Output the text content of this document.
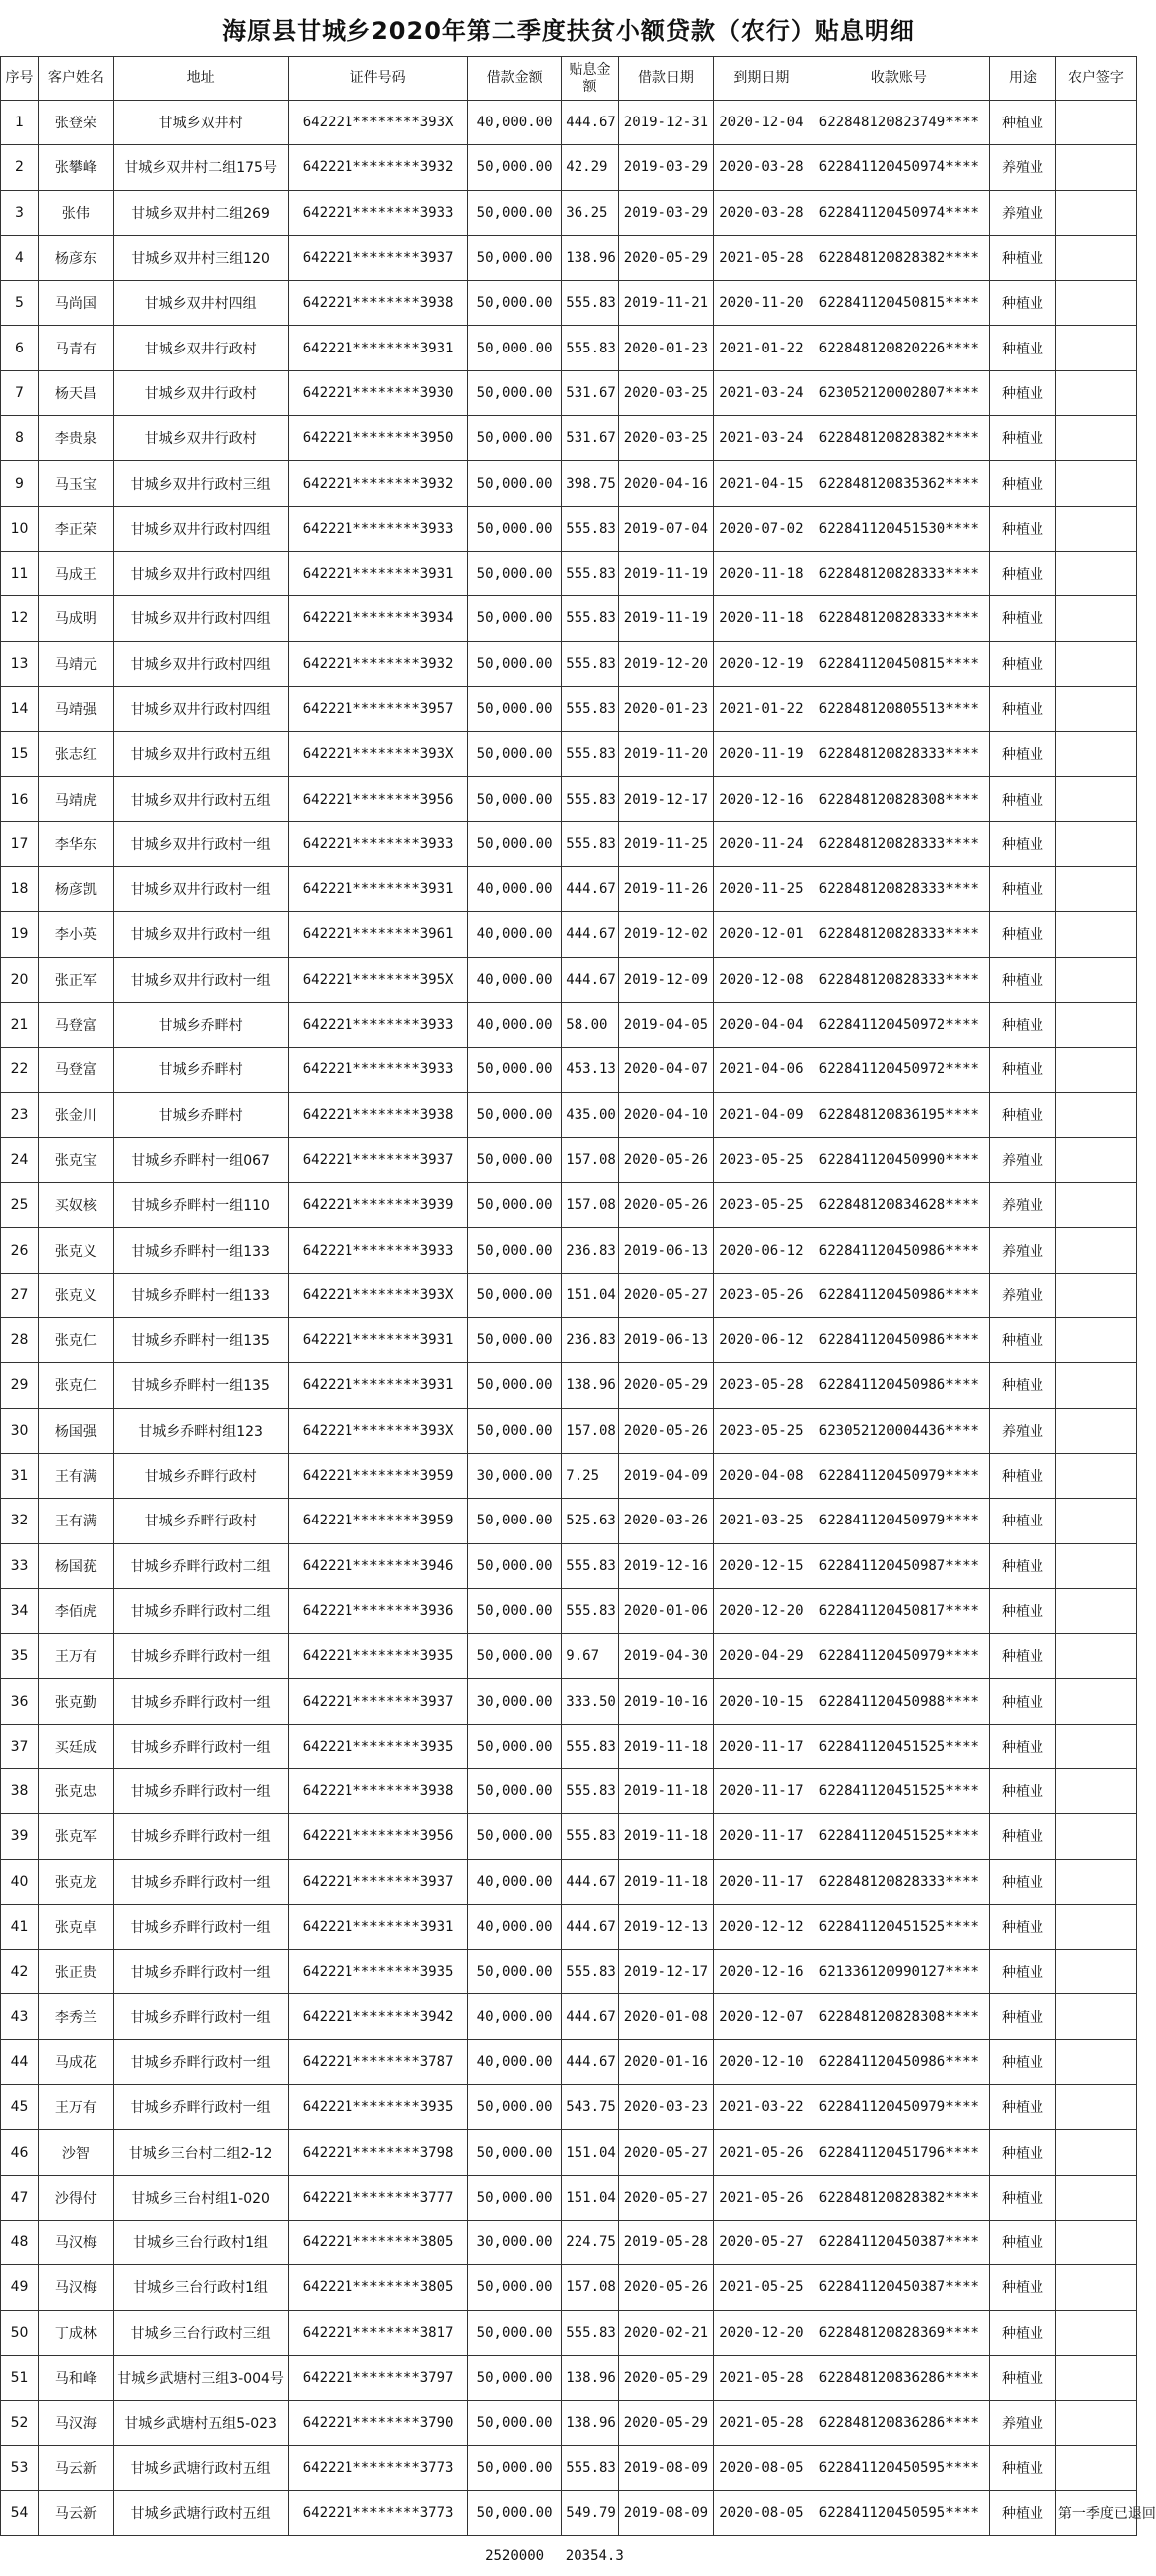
海原县甘城乡2020年第二季度扶贫小额贷款（农行）贴息明细
序号	客户姓名	地址	证件号码	借款金额	贴息金额	借款日期	到期日期	收款账号	用途	农户签字
1	张登荣	甘城乡双井村	642221********393X	40,000.00	444.67	2019-12-31	2020-12-04	622848120823749****	种植业	
2	张攀峰	甘城乡双井村二组175号	642221********3932	50,000.00	42.29	2019-03-29	2020-03-28	622841120450974****	养殖业	
3	张伟	甘城乡双井村二组269	642221********3933	50,000.00	36.25	2019-03-29	2020-03-28	622841120450974****	养殖业	
4	杨彦东	甘城乡双井村三组120	642221********3937	50,000.00	138.96	2020-05-29	2021-05-28	622848120828382****	种植业	
5	马尚国	甘城乡双井村四组	642221********3938	50,000.00	555.83	2019-11-21	2020-11-20	622841120450815****	种植业	
6	马青有	甘城乡双井行政村	642221********3931	50,000.00	555.83	2020-01-23	2021-01-22	622848120820226****	种植业	
7	杨天昌	甘城乡双井行政村	642221********3930	50,000.00	531.67	2020-03-25	2021-03-24	623052120002807****	种植业	
8	李贵泉	甘城乡双井行政村	642221********3950	50,000.00	531.67	2020-03-25	2021-03-24	622848120828382****	种植业	
9	马玉宝	甘城乡双井行政村三组	642221********3932	50,000.00	398.75	2020-04-16	2021-04-15	622848120835362****	种植业	
10	李正荣	甘城乡双井行政村四组	642221********3933	50,000.00	555.83	2019-07-04	2020-07-02	622841120451530****	种植业	
11	马成王	甘城乡双井行政村四组	642221********3931	50,000.00	555.83	2019-11-19	2020-11-18	622848120828333****	种植业	
12	马成明	甘城乡双井行政村四组	642221********3934	50,000.00	555.83	2019-11-19	2020-11-18	622848120828333****	种植业	
13	马靖元	甘城乡双井行政村四组	642221********3932	50,000.00	555.83	2019-12-20	2020-12-19	622841120450815****	种植业	
14	马靖强	甘城乡双井行政村四组	642221********3957	50,000.00	555.83	2020-01-23	2021-01-22	622848120805513****	种植业	
15	张志红	甘城乡双井行政村五组	642221********393X	50,000.00	555.83	2019-11-20	2020-11-19	622848120828333****	种植业	
16	马靖虎	甘城乡双井行政村五组	642221********3956	50,000.00	555.83	2019-12-17	2020-12-16	622848120828308****	种植业	
17	李华东	甘城乡双井行政村一组	642221********3933	50,000.00	555.83	2019-11-25	2020-11-24	622848120828333****	种植业	
18	杨彦凯	甘城乡双井行政村一组	642221********3931	40,000.00	444.67	2019-11-26	2020-11-25	622848120828333****	种植业	
19	李小英	甘城乡双井行政村一组	642221********3961	40,000.00	444.67	2019-12-02	2020-12-01	622848120828333****	种植业	
20	张正军	甘城乡双井行政村一组	642221********395X	40,000.00	444.67	2019-12-09	2020-12-08	622848120828333****	种植业	
21	马登富	甘城乡乔畔村	642221********3933	40,000.00	58.00	2019-04-05	2020-04-04	622841120450972****	种植业	
22	马登富	甘城乡乔畔村	642221********3933	50,000.00	453.13	2020-04-07	2021-04-06	622841120450972****	种植业	
23	张金川	甘城乡乔畔村	642221********3938	50,000.00	435.00	2020-04-10	2021-04-09	622848120836195****	种植业	
24	张克宝	甘城乡乔畔村一组067	642221********3937	50,000.00	157.08	2020-05-26	2023-05-25	622841120450990****	养殖业	
25	买奴核	甘城乡乔畔村一组110	642221********3939	50,000.00	157.08	2020-05-26	2023-05-25	622848120834628****	养殖业	
26	张克义	甘城乡乔畔村一组133	642221********3933	50,000.00	236.83	2019-06-13	2020-06-12	622841120450986****	养殖业	
27	张克义	甘城乡乔畔村一组133	642221********393X	50,000.00	151.04	2020-05-27	2023-05-26	622841120450986****	养殖业	
28	张克仁	甘城乡乔畔村一组135	642221********3931	50,000.00	236.83	2019-06-13	2020-06-12	622841120450986****	种植业	
29	张克仁	甘城乡乔畔村一组135	642221********3931	50,000.00	138.96	2020-05-29	2023-05-28	622841120450986****	种植业	
30	杨国强	甘城乡乔畔村组123	642221********393X	50,000.00	157.08	2020-05-26	2023-05-25	623052120004436****	养殖业	
31	王有满	甘城乡乔畔行政村	642221********3959	30,000.00	7.25	2019-04-09	2020-04-08	622841120450979****	种植业	
32	王有满	甘城乡乔畔行政村	642221********3959	50,000.00	525.63	2020-03-26	2021-03-25	622841120450979****	种植业	
33	杨国莸	甘城乡乔畔行政村二组	642221********3946	50,000.00	555.83	2019-12-16	2020-12-15	622841120450987****	种植业	
34	李佰虎	甘城乡乔畔行政村二组	642221********3936	50,000.00	555.83	2020-01-06	2020-12-20	622841120450817****	种植业	
35	王万有	甘城乡乔畔行政村一组	642221********3935	50,000.00	9.67	2019-04-30	2020-04-29	622841120450979****	种植业	
36	张克勤	甘城乡乔畔行政村一组	642221********3937	30,000.00	333.50	2019-10-16	2020-10-15	622841120450988****	种植业	
37	买廷成	甘城乡乔畔行政村一组	642221********3935	50,000.00	555.83	2019-11-18	2020-11-17	622841120451525****	种植业	
38	张克忠	甘城乡乔畔行政村一组	642221********3938	50,000.00	555.83	2019-11-18	2020-11-17	622841120451525****	种植业	
39	张克军	甘城乡乔畔行政村一组	642221********3956	50,000.00	555.83	2019-11-18	2020-11-17	622841120451525****	种植业	
40	张克龙	甘城乡乔畔行政村一组	642221********3937	40,000.00	444.67	2019-11-18	2020-11-17	622848120828333****	种植业	
41	张克卓	甘城乡乔畔行政村一组	642221********3931	40,000.00	444.67	2019-12-13	2020-12-12	622841120451525****	种植业	
42	张正贵	甘城乡乔畔行政村一组	642221********3935	50,000.00	555.83	2019-12-17	2020-12-16	621336120990127****	种植业	
43	李秀兰	甘城乡乔畔行政村一组	642221********3942	40,000.00	444.67	2020-01-08	2020-12-07	622848120828308****	种植业	
44	马成花	甘城乡乔畔行政村一组	642221********3787	40,000.00	444.67	2020-01-16	2020-12-10	622841120450986****	种植业	
45	王万有	甘城乡乔畔行政村一组	642221********3935	50,000.00	543.75	2020-03-23	2021-03-22	622841120450979****	种植业	
46	沙智	甘城乡三台村二组2-12	642221********3798	50,000.00	151.04	2020-05-27	2021-05-26	622841120451796****	种植业	
47	沙得付	甘城乡三台村组1-020	642221********3777	50,000.00	151.04	2020-05-27	2021-05-26	622848120828382****	种植业	
48	马汉梅	甘城乡三台行政村1组	642221********3805	30,000.00	224.75	2019-05-28	2020-05-27	622841120450387****	种植业	
49	马汉梅	甘城乡三台行政村1组	642221********3805	50,000.00	157.08	2020-05-26	2021-05-25	622841120450387****	种植业	
50	丁成林	甘城乡三台行政村三组	642221********3817	50,000.00	555.83	2020-02-21	2020-12-20	622848120828369****	种植业	
51	马和峰	甘城乡武塘村三组3-004号	642221********3797	50,000.00	138.96	2020-05-29	2021-05-28	622848120836286****	种植业	
52	马汉海	甘城乡武塘村五组5-023	642221********3790	50,000.00	138.96	2020-05-29	2021-05-28	622848120836286****	养殖业	
53	马云新	甘城乡武塘行政村五组	642221********3773	50,000.00	555.83	2019-08-09	2020-08-05	622841120450595****	种植业	
54	马云新	甘城乡武塘行政村五组	642221********3773	50,000.00	549.79	2019-08-09	2020-08-05	622841120450595****	种植业	第一季度已退回
				2520000	20354.3					
